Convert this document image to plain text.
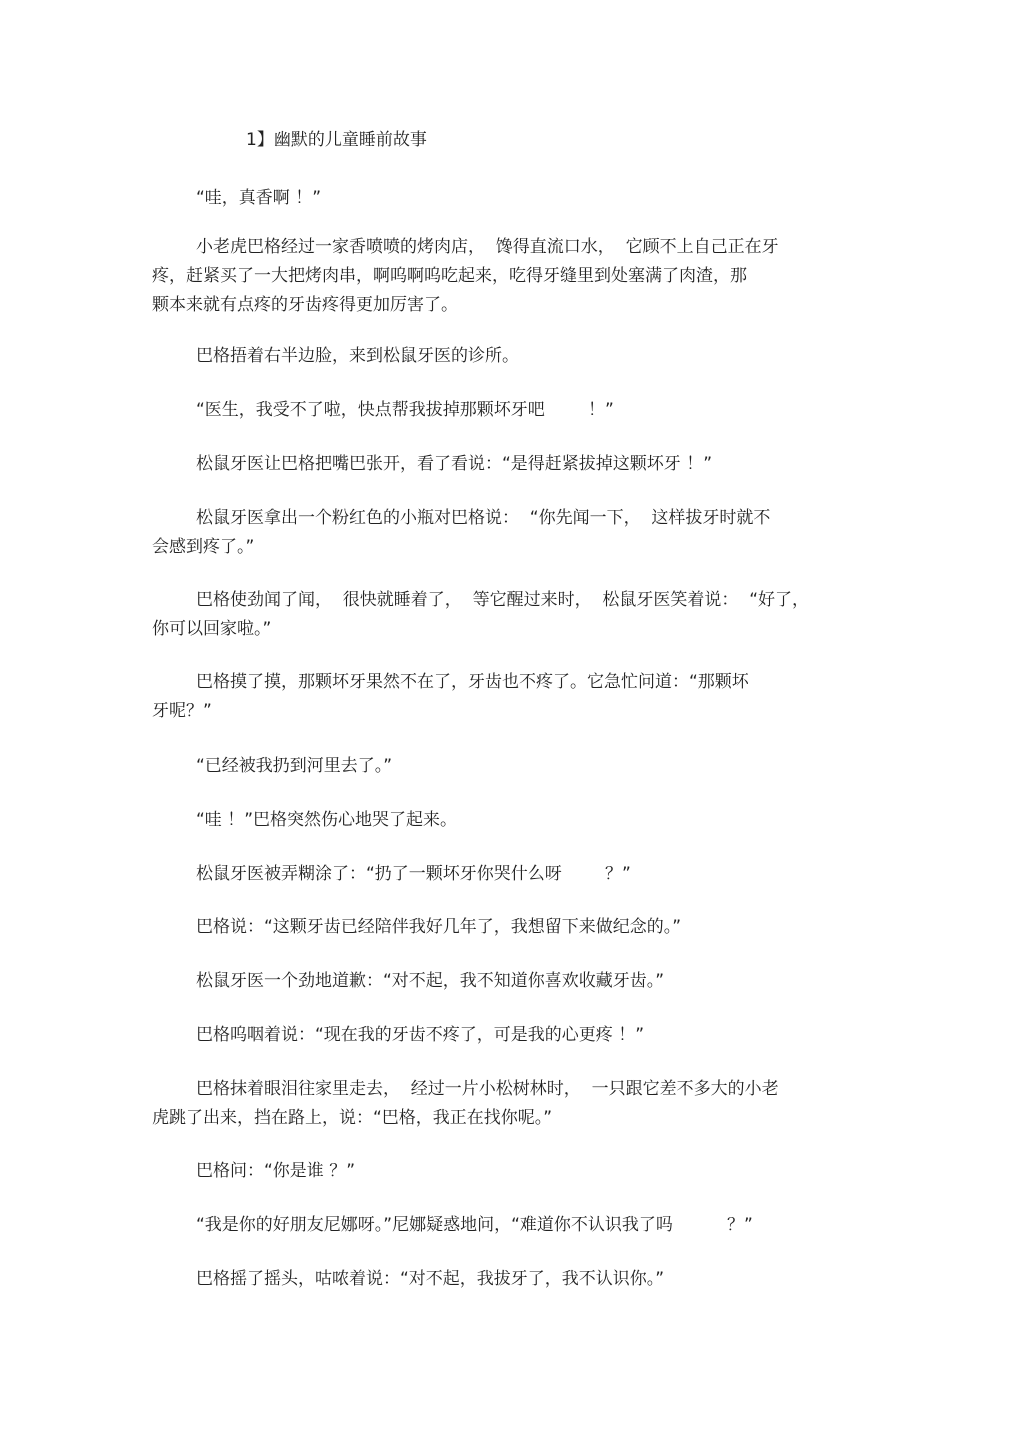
1】幽默的儿童睡前故事

“哇，真香啊 ！”

小老虎巴格经过一家香喷喷的烤肉店，  馋得直流口水，  它顾不上自己正在牙
疼，赶紧买了一大把烤肉串，啊呜啊呜吃起来，吃得牙缝里到处塞满了肉渣，那
颗本来就有点疼的牙齿疼得更加厉害了。

巴格捂着右半边脸，来到松鼠牙医的诊所。

“医生，我受不了啦，快点帮我拔掉那颗坏牙吧        ！”

松鼠牙医让巴格把嘴巴张开，看了看说：“是得赶紧拔掉这颗坏牙 ！”

松鼠牙医拿出一个粉红色的小瓶对巴格说：  “你先闻一下，  这样拔牙时就不
会感到疼了。”

巴格使劲闻了闻，  很快就睡着了，  等它醒过来时，  松鼠牙医笑着说：  “好了，
你可以回家啦。”

巴格摸了摸，那颗坏牙果然不在了，牙齿也不疼了。它急忙问道：“那颗坏
牙呢？”

“已经被我扔到河里去了。”

“哇 ！”巴格突然伤心地哭了起来。

松鼠牙医被弄糊涂了：“扔了一颗坏牙你哭什么呀        ？”

巴格说：“这颗牙齿已经陪伴我好几年了，我想留下来做纪念的。”

松鼠牙医一个劲地道歉：“对不起，我不知道你喜欢收藏牙齿。”

巴格呜咽着说：“现在我的牙齿不疼了，可是我的心更疼 ！”

巴格抹着眼泪往家里走去，  经过一片小松树林时，  一只跟它差不多大的小老
虎跳了出来，挡在路上，说：“巴格，我正在找你呢。”

巴格问：“你是谁 ？”

“我是你的好朋友尼娜呀。”尼娜疑惑地问，“难道你不认识我了吗          ？”

巴格摇了摇头，咕哝着说：“对不起，我拔牙了，我不认识你。”
